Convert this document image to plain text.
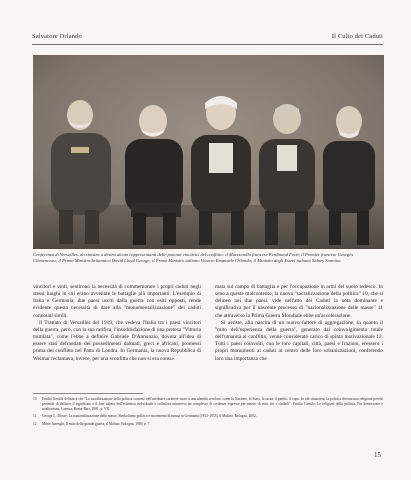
Salvatore Orlando	Il Culto dei Caduti
Conferenza di Versailles, da sinistra a destra alcuni rappresentanti delle potenze vincitrici del conflitto: il Maresciallo francese Ferdinand Foch; il Premier francese Georges Clemenceau; il Primo Ministro britannico David Lloyd George; il Primo Ministro italiano Vittorio Emanuele Orlando; il Ministro degli Esteri italiano Sidney Sonnino.

vincitori e vinti, sentirono la necessità di commemorare i propri caduti negli stessi luoghi in cui erano avvenute le battaglie più importanti. L'esempio di Italia e Germania, due paesi usciti dalla guerra con esiti opposti, rende evidente questa necessità di dare alla "monumentalizzazione" dei caduti connotati simili.

Il Trattato di Versailles del 1919, che vedeva l'Italia tra i paesi vincitori della guerra, però, con la sua ratifica, l'insoddisfazione di una pretesa "Vittoria mutilata", come l'ebbe a definire Gabriele D'Annunzio, dovuta all'idea di essere stati defraudati dei possedimenti dalmati, greci e africani, promessi prima del conflitto nel Patto di Londra. In Germania, la nuova Repubblica di Weimar reclamava, invece, per una sconfitta che non si era consu-

mata sul campo di battaglia e per l'occupazione in armi del suolo tedesco. In seno a queste malcontento, la nuova "sacralizzazione della politica" 10, che si delineò nei due paesi, vide nell'atto dei Caduti la nota dominante e significativa per il nascente processo di "nazionalizzazione delle masse" 11 che attraverso la Prima Guerra Mondiale ebbe un'accelerazione.

Si assiste, alla nascita di un nuovo fattore di aggregazione, in quanto il "mito dell'esperienza della guerra", generato dal coinvolgimento totale dell'umanità al conflitto, venne considerato carico di spinta motivazionale 12. Tutti i paesi coinvolti, con le loro capitali, città, paesi e frazioni, eressero i propri monumenti ai caduti al centro delle loro urbanizzazioni, conferendo loro una importanza che

10	Emilio Gentile definisce che "La sacralizzazione della politica consiste nell'attribuire carattere sacro a una identità secolare, come la Nazione, lo Stato, la razza, il partito, il capo. In tali situazioni, la politica diventa una religione perché pretende di definire il significato e il fine ultimo dell'esistenza individuale e collettiva attraverso un complesso di credenze espresse per mezzo di miti, riti e simboli". Emilio Gentile, Le religioni della politica. Fra democrazie e totalitarismi, Laterza, Roma-Bari, 2001, p. VII.
11	George L. Mosse, La nazionalizzazione delle masse. Simbolismo politico e movimenti di massa in Germania (1815-1933), il Mulino, Bologna, 2002.
12	Mario Isnenghi, Il mito della grande guerra, il Mulino, Bologna, 1989, p. 7.
15
